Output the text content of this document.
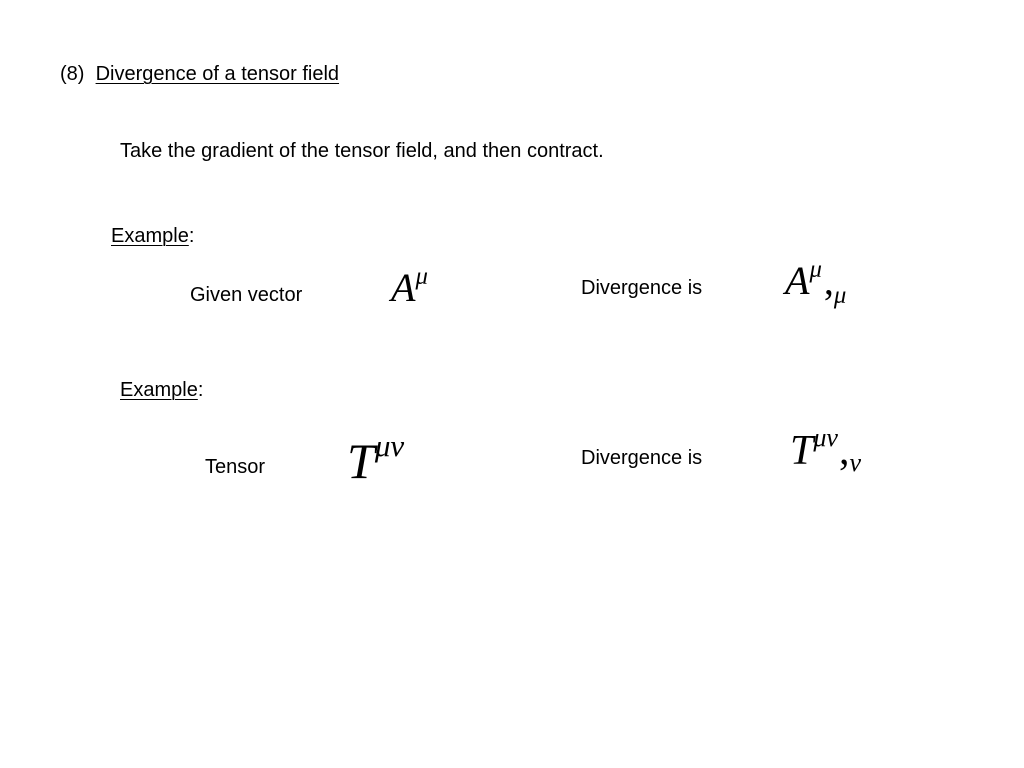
(8) Divergence of a tensor field
Take the gradient of the tensor field, and then contract.
Example:
Given vector $A^\mu$	Divergence is $A^\mu,_\mu$
Example:
Tensor $T^{\mu\nu}$	Divergence is $T^{\mu\nu},\nu$
